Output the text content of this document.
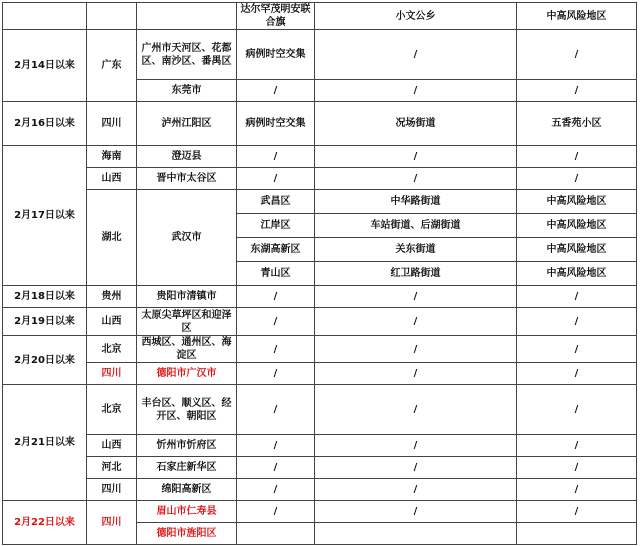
			达尔罕茂明安联合旗	小文公乡	中高风险地区
2月14日以来	广东	广州市天河区、花都区、南沙区、番禺区	病例时空交集	/	/
		东莞市	/	/	/
2月16日以来	四川	泸州江阳区	病例时空交集	况场街道	五香苑小区
2月17日以来	海南	澄迈县	/	/	/
	山西	晋中市太谷区	/	/	/
	湖北	武汉市	武昌区	中华路街道	中高风险地区
			江岸区	车站街道、后湖街道	中高风险地区
			东湖高新区	关东街道	中高风险地区
			青山区	红卫路街道	中高风险地区
2月18日以来	贵州	贵阳市清镇市	/	/	/
2月19日以来	山西	太原尖草坪区和迎泽区	/	/	/
2月20日以来	北京	西城区、通州区、海淀区	/	/	/
	四川	德阳市广汉市	/	/	/
2月21日以来	北京	丰台区、顺义区、经开区、朝阳区	/	/	/
	山西	忻州市忻府区	/	/	/
	河北	石家庄新华区	/	/	/
	四川	绵阳高新区	/	/	/
2月22日以来	四川	眉山市仁寿县	/	/	/
		德阳市旌阳区			
